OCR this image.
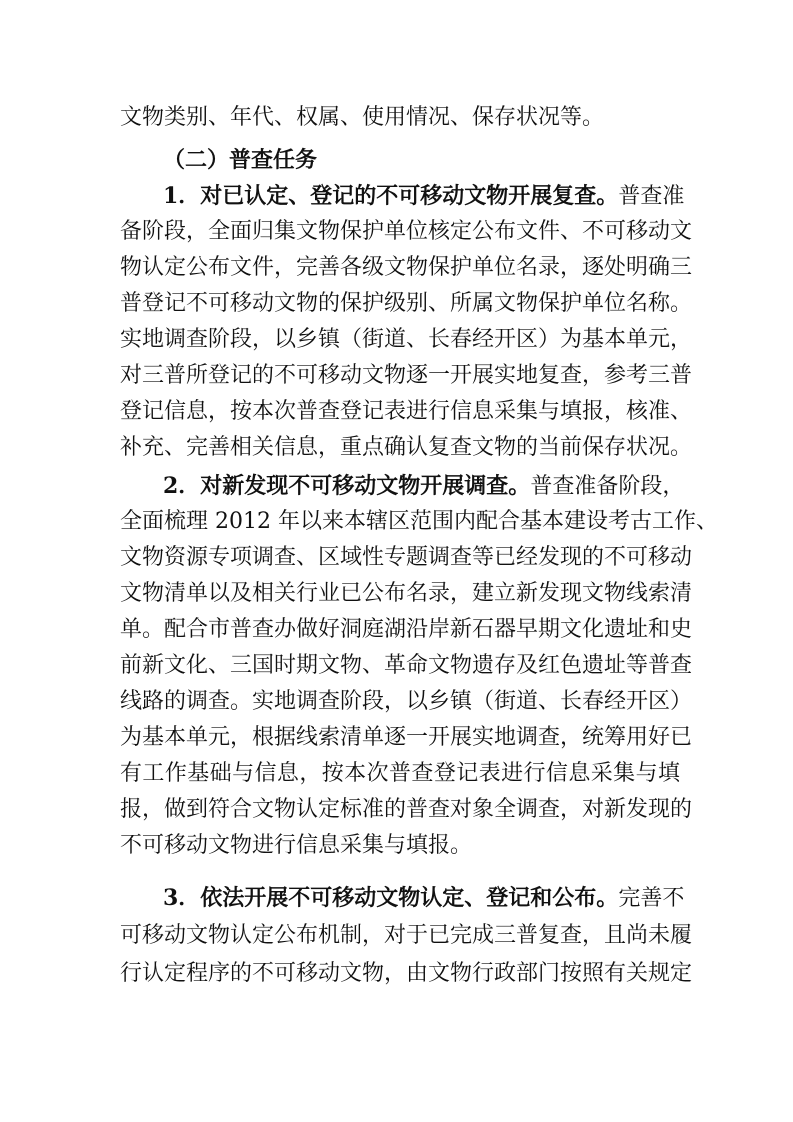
文物类别、年代、权属、使用情况、保存状况等。
（二）普查任务
1．对已认定、登记的不可移动文物开展复查。普查准
备阶段，全面归集文物保护单位核定公布文件、不可移动文
物认定公布文件，完善各级文物保护单位名录，逐处明确三
普登记不可移动文物的保护级别、所属文物保护单位名称。
实地调查阶段，以乡镇（街道、长春经开区）为基本单元，
对三普所登记的不可移动文物逐一开展实地复查，参考三普
登记信息，按本次普查登记表进行信息采集与填报，核准、
补充、完善相关信息，重点确认复查文物的当前保存状况。
2．对新发现不可移动文物开展调查。普查准备阶段，
全面梳理 2012 年以来本辖区范围内配合基本建设考古工作、
文物资源专项调查、区域性专题调查等已经发现的不可移动
文物清单以及相关行业已公布名录，建立新发现文物线索清
单。配合市普查办做好洞庭湖沿岸新石器早期文化遗址和史
前新文化、三国时期文物、革命文物遗存及红色遗址等普查
线路的调查。实地调查阶段，以乡镇（街道、长春经开区）
为基本单元，根据线索清单逐一开展实地调查，统筹用好已
有工作基础与信息，按本次普查登记表进行信息采集与填
报，做到符合文物认定标准的普查对象全调查，对新发现的
不可移动文物进行信息采集与填报。
3．依法开展不可移动文物认定、登记和公布。完善不
可移动文物认定公布机制，对于已完成三普复查，且尚未履
行认定程序的不可移动文物，由文物行政部门按照有关规定
